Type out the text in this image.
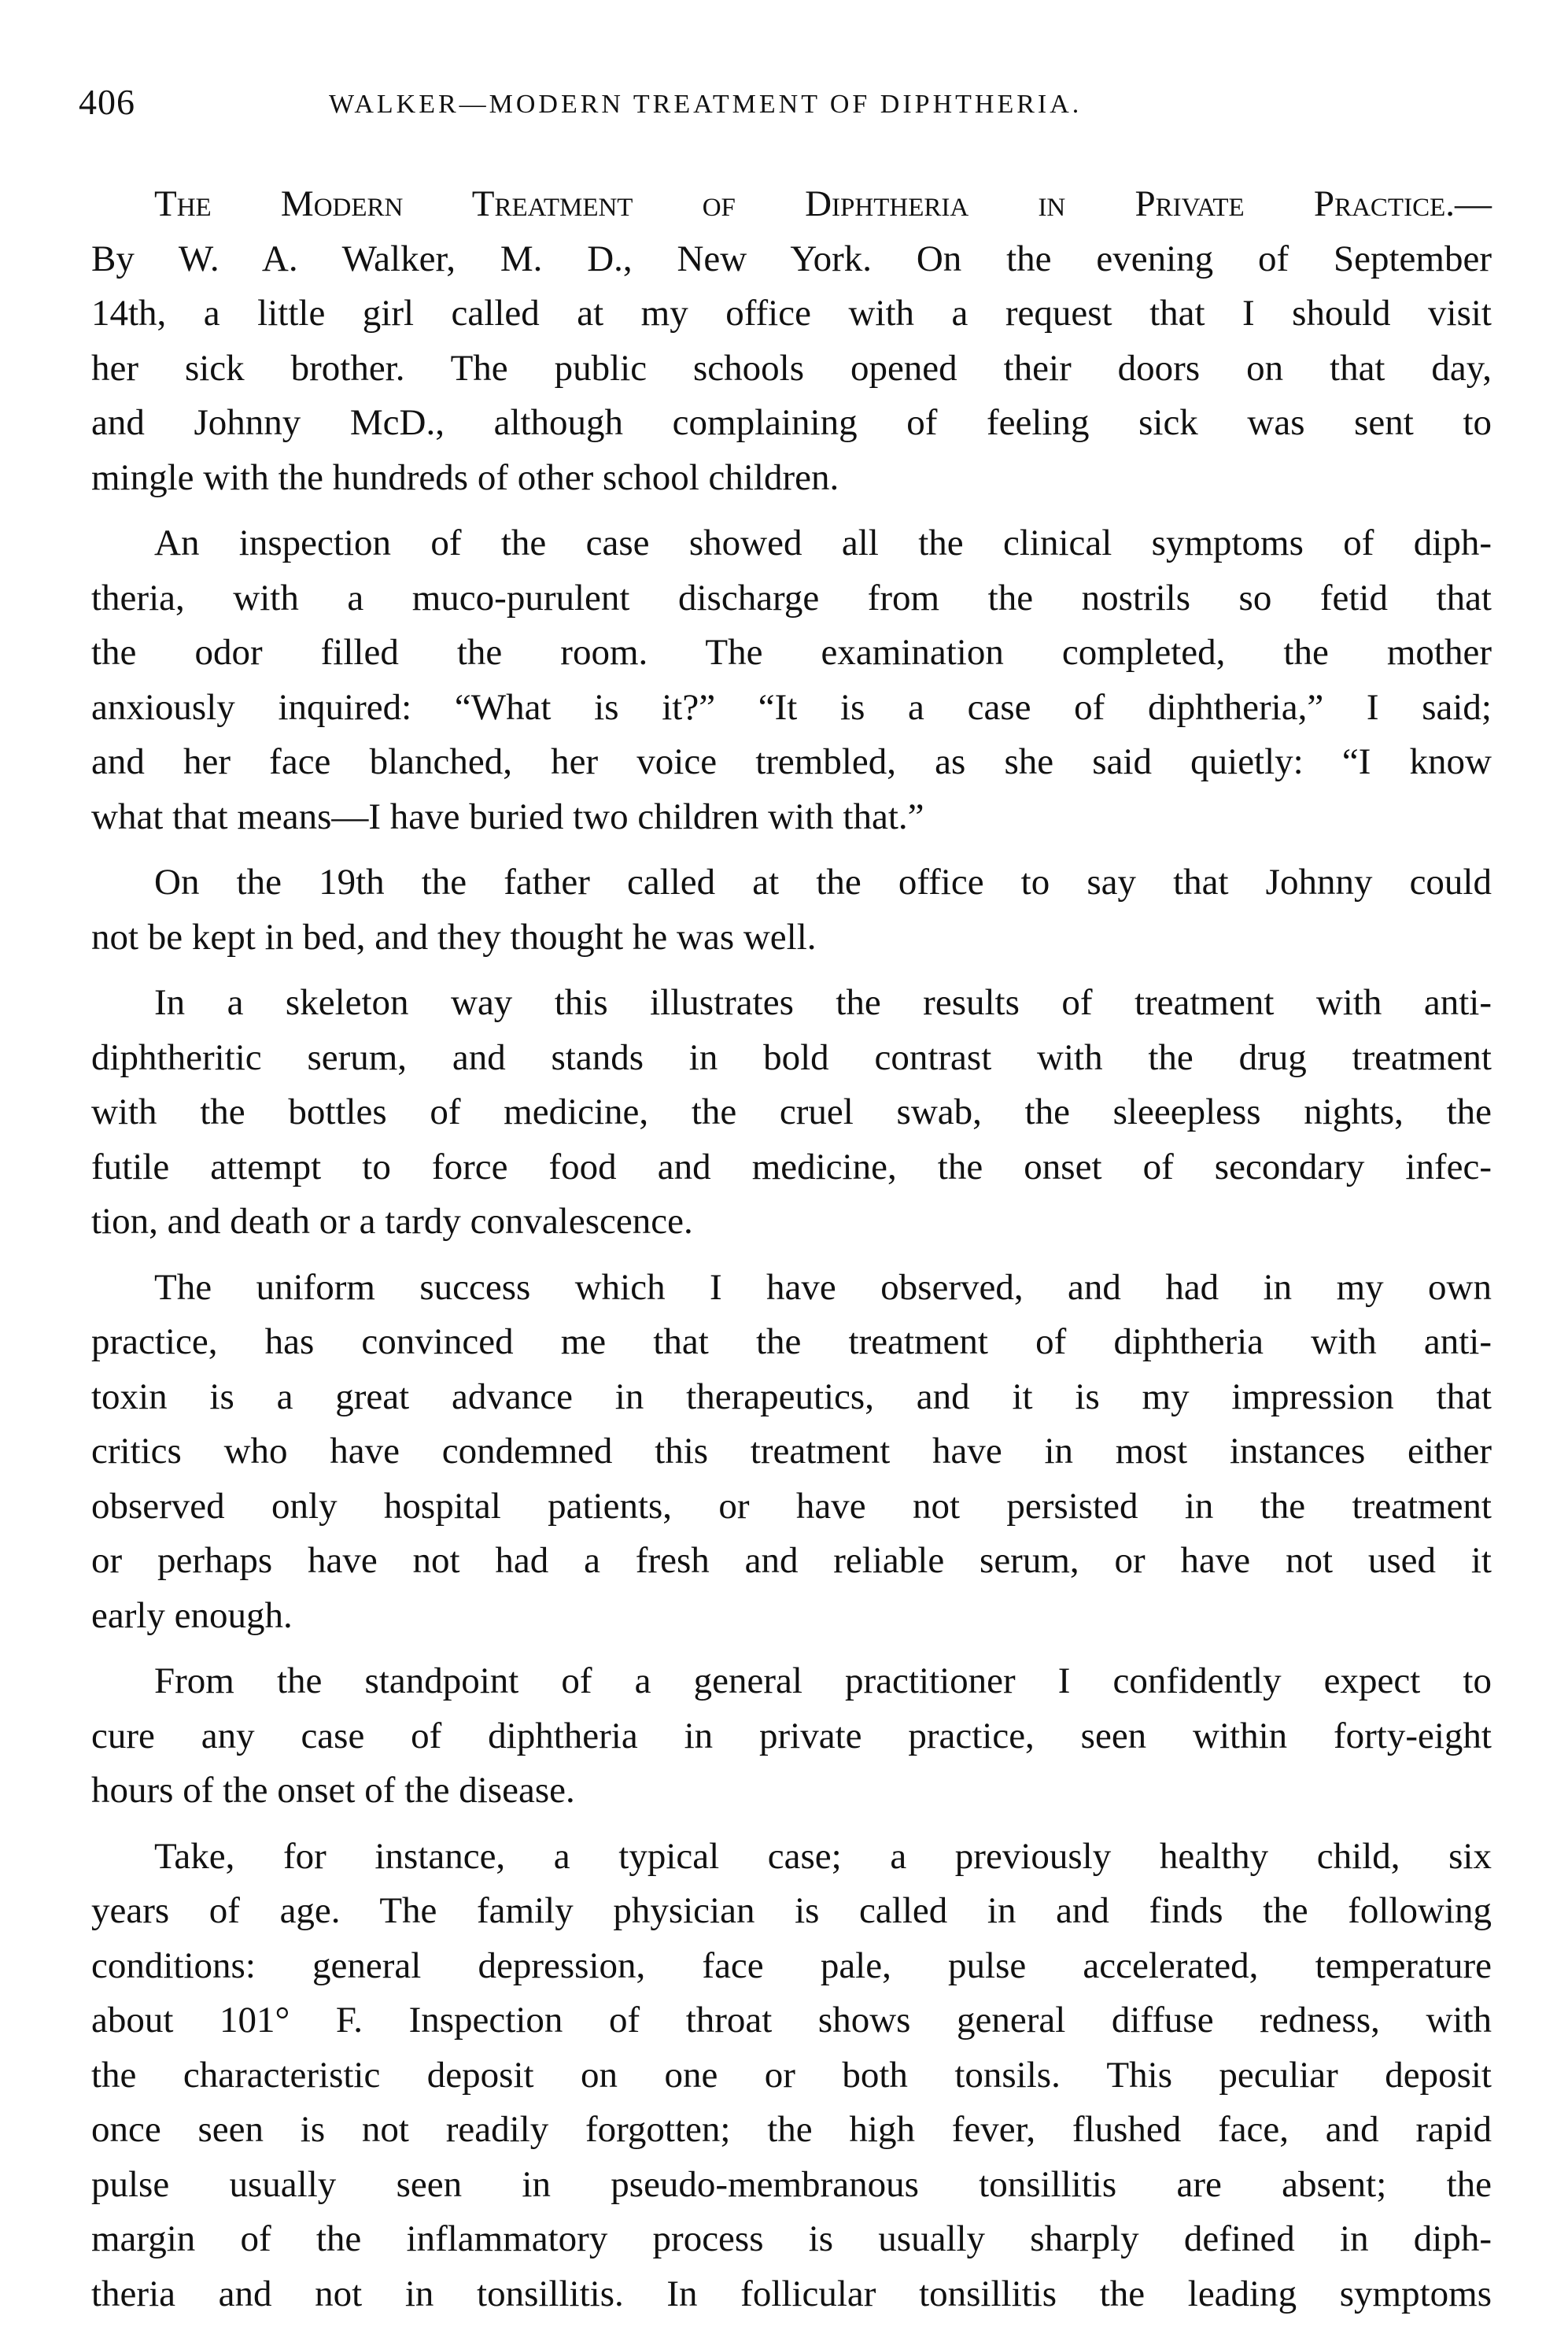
406	WALKER—MODERN TREATMENT OF DIPHTHERIA.
The Modern Treatment of Diphtheria in Private Practice.—
By W. A. Walker, M. D., New York. On the evening of September
14th, a little girl called at my office with a request that I should visit
her sick brother. The public schools opened their doors on that day,
and Johnny McD., although complaining of feeling sick was sent to
mingle with the hundreds of other school children.
An inspection of the case showed all the clinical symptoms of diph-
theria, with a muco-purulent discharge from the nostrils so fetid that
the odor filled the room. The examination completed, the mother
anxiously inquired: “What is it?” “It is a case of diphtheria,” I said;
and her face blanched, her voice trembled, as she said quietly: “I know
what that means—I have buried two children with that.”
On the 19th the father called at the office to say that Johnny could
not be kept in bed, and they thought he was well.
In a skeleton way this illustrates the results of treatment with anti-
diphtheritic serum, and stands in bold contrast with the drug treatment
with the bottles of medicine, the cruel swab, the sleeepless nights, the
futile attempt to force food and medicine, the onset of secondary infec-
tion, and death or a tardy convalescence.
The uniform success which I have observed, and had in my own
practice, has convinced me that the treatment of diphtheria with anti-
toxin is a great advance in therapeutics, and it is my impression that
critics who have condemned this treatment have in most instances either
observed only hospital patients, or have not persisted in the treatment
or perhaps have not had a fresh and reliable serum, or have not used it
early enough.
From the standpoint of a general practitioner I confidently expect to
cure any case of diphtheria in private practice, seen within forty-eight
hours of the onset of the disease.
Take, for instance, a typical case; a previously healthy child, six
years of age. The family physician is called in and finds the following
conditions: general depression, face pale, pulse accelerated, temperature
about 101° F. Inspection of throat shows general diffuse redness, with
the characteristic deposit on one or both tonsils. This peculiar deposit
once seen is not readily forgotten; the high fever, flushed face, and rapid
pulse usually seen in pseudo-membranous tonsillitis are absent; the
margin of the inflammatory process is usually sharply defined in diph-
theria and not in tonsillitis. In follicular tonsillitis the leading symptoms
